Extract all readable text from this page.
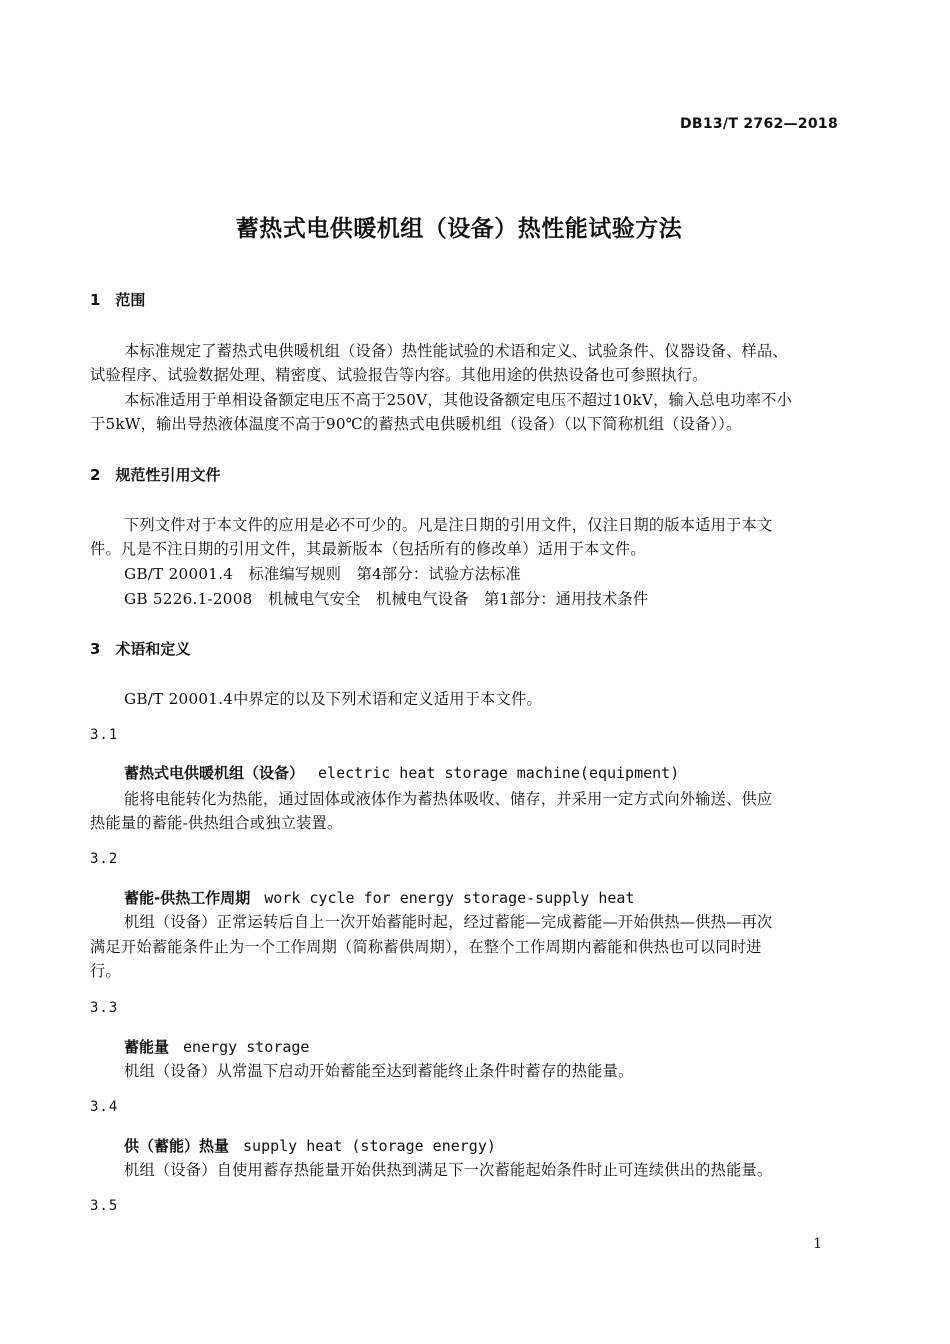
DB13/T 2762—2018
蓄热式电供暖机组（设备）热性能试验方法
1　范围
本标准规定了蓄热式电供暖机组（设备）热性能试验的术语和定义、试验条件、仪器设备、样品、
试验程序、试验数据处理、精密度、试验报告等内容。其他用途的供热设备也可参照执行。
本标准适用于单相设备额定电压不高于250V，其他设备额定电压不超过10kV，输入总电功率不小
于5kW，输出导热液体温度不高于90℃的蓄热式电供暖机组（设备）（以下简称机组（设备））。
2　规范性引用文件
下列文件对于本文件的应用是必不可少的。凡是注日期的引用文件，仅注日期的版本适用于本文
件。凡是不注日期的引用文件，其最新版本（包括所有的修改单）适用于本文件。
GB/T 20001.4　标准编写规则　第4部分：试验方法标准
GB 5226.1-2008　机械电气安全　机械电气设备　第1部分：通用技术条件
3　术语和定义
GB/T 20001.4中界定的以及下列术语和定义适用于本文件。
3.1
蓄热式电供暖机组（设备） electric heat storage machine(equipment)
能将电能转化为热能，通过固体或液体作为蓄热体吸收、储存，并采用一定方式向外输送、供应
热能量的蓄能-供热组合或独立装置。
3.2
蓄能-供热工作周期 work cycle for energy storage-supply heat
机组（设备）正常运转后自上一次开始蓄能时起，经过蓄能—完成蓄能—开始供热—供热—再次
满足开始蓄能条件止为一个工作周期（简称蓄供周期），在整个工作周期内蓄能和供热也可以同时进
行。
3.3
蓄能量 energy storage
机组（设备）从常温下启动开始蓄能至达到蓄能终止条件时蓄存的热能量。
3.4
供（蓄能）热量 supply heat (storage energy)
机组（设备）自使用蓄存热能量开始供热到满足下一次蓄能起始条件时止可连续供出的热能量。
3.5
1
